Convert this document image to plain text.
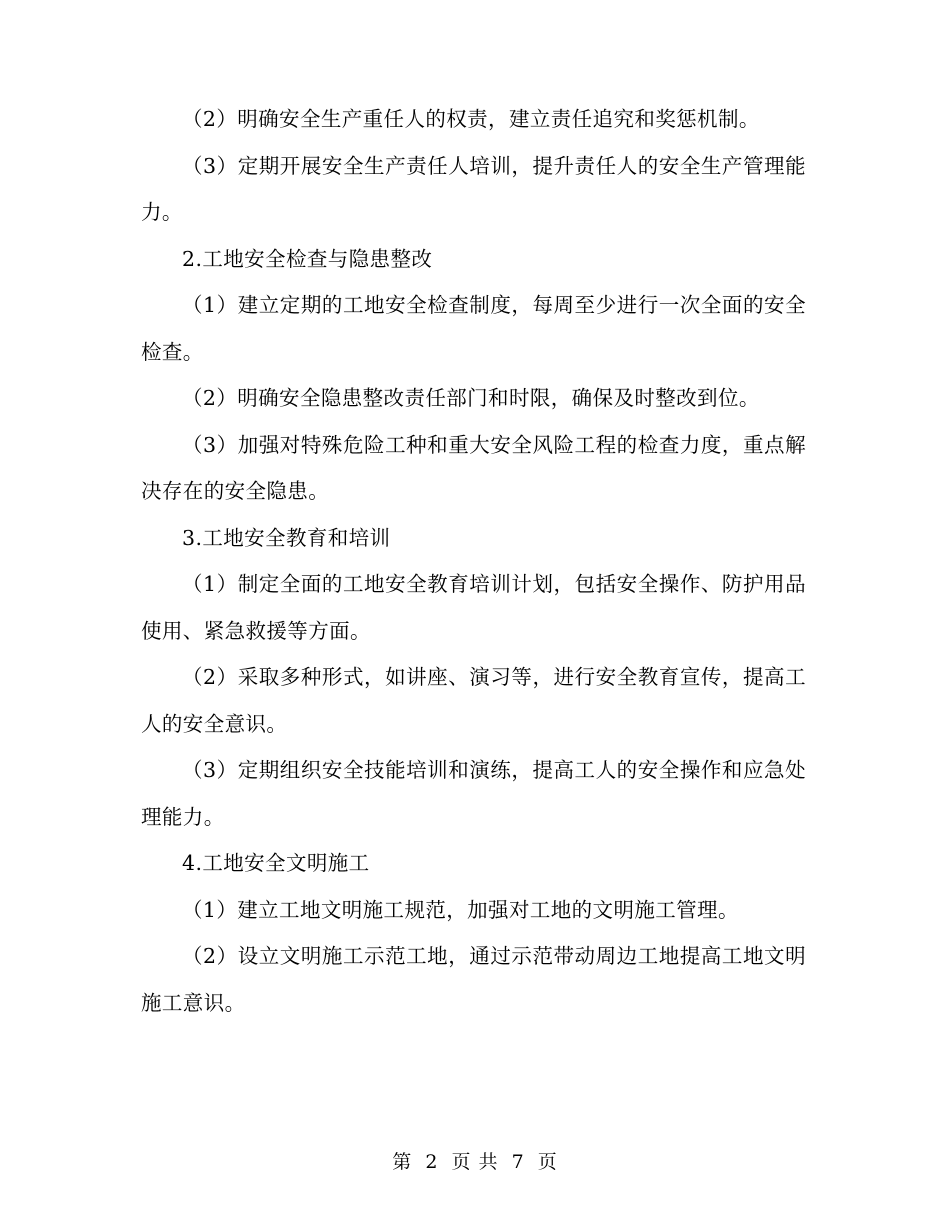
（2）明确安全生产重任人的权责，建立责任追究和奖惩机制。

（3）定期开展安全生产责任人培训，提升责任人的安全生产管理能力。

2.工地安全检查与隐患整改

（1）建立定期的工地安全检查制度，每周至少进行一次全面的安全检查。

（2）明确安全隐患整改责任部门和时限，确保及时整改到位。

（3）加强对特殊危险工种和重大安全风险工程的检查力度，重点解决存在的安全隐患。

3.工地安全教育和培训

（1）制定全面的工地安全教育培训计划，包括安全操作、防护用品使用、紧急救援等方面。

（2）采取多种形式，如讲座、演习等，进行安全教育宣传，提高工人的安全意识。

（3）定期组织安全技能培训和演练，提高工人的安全操作和应急处理能力。

4.工地安全文明施工

（1）建立工地文明施工规范，加强对工地的文明施工管理。

（2）设立文明施工示范工地，通过示范带动周边工地提高工地文明施工意识。

第 2 页 共 7 页
